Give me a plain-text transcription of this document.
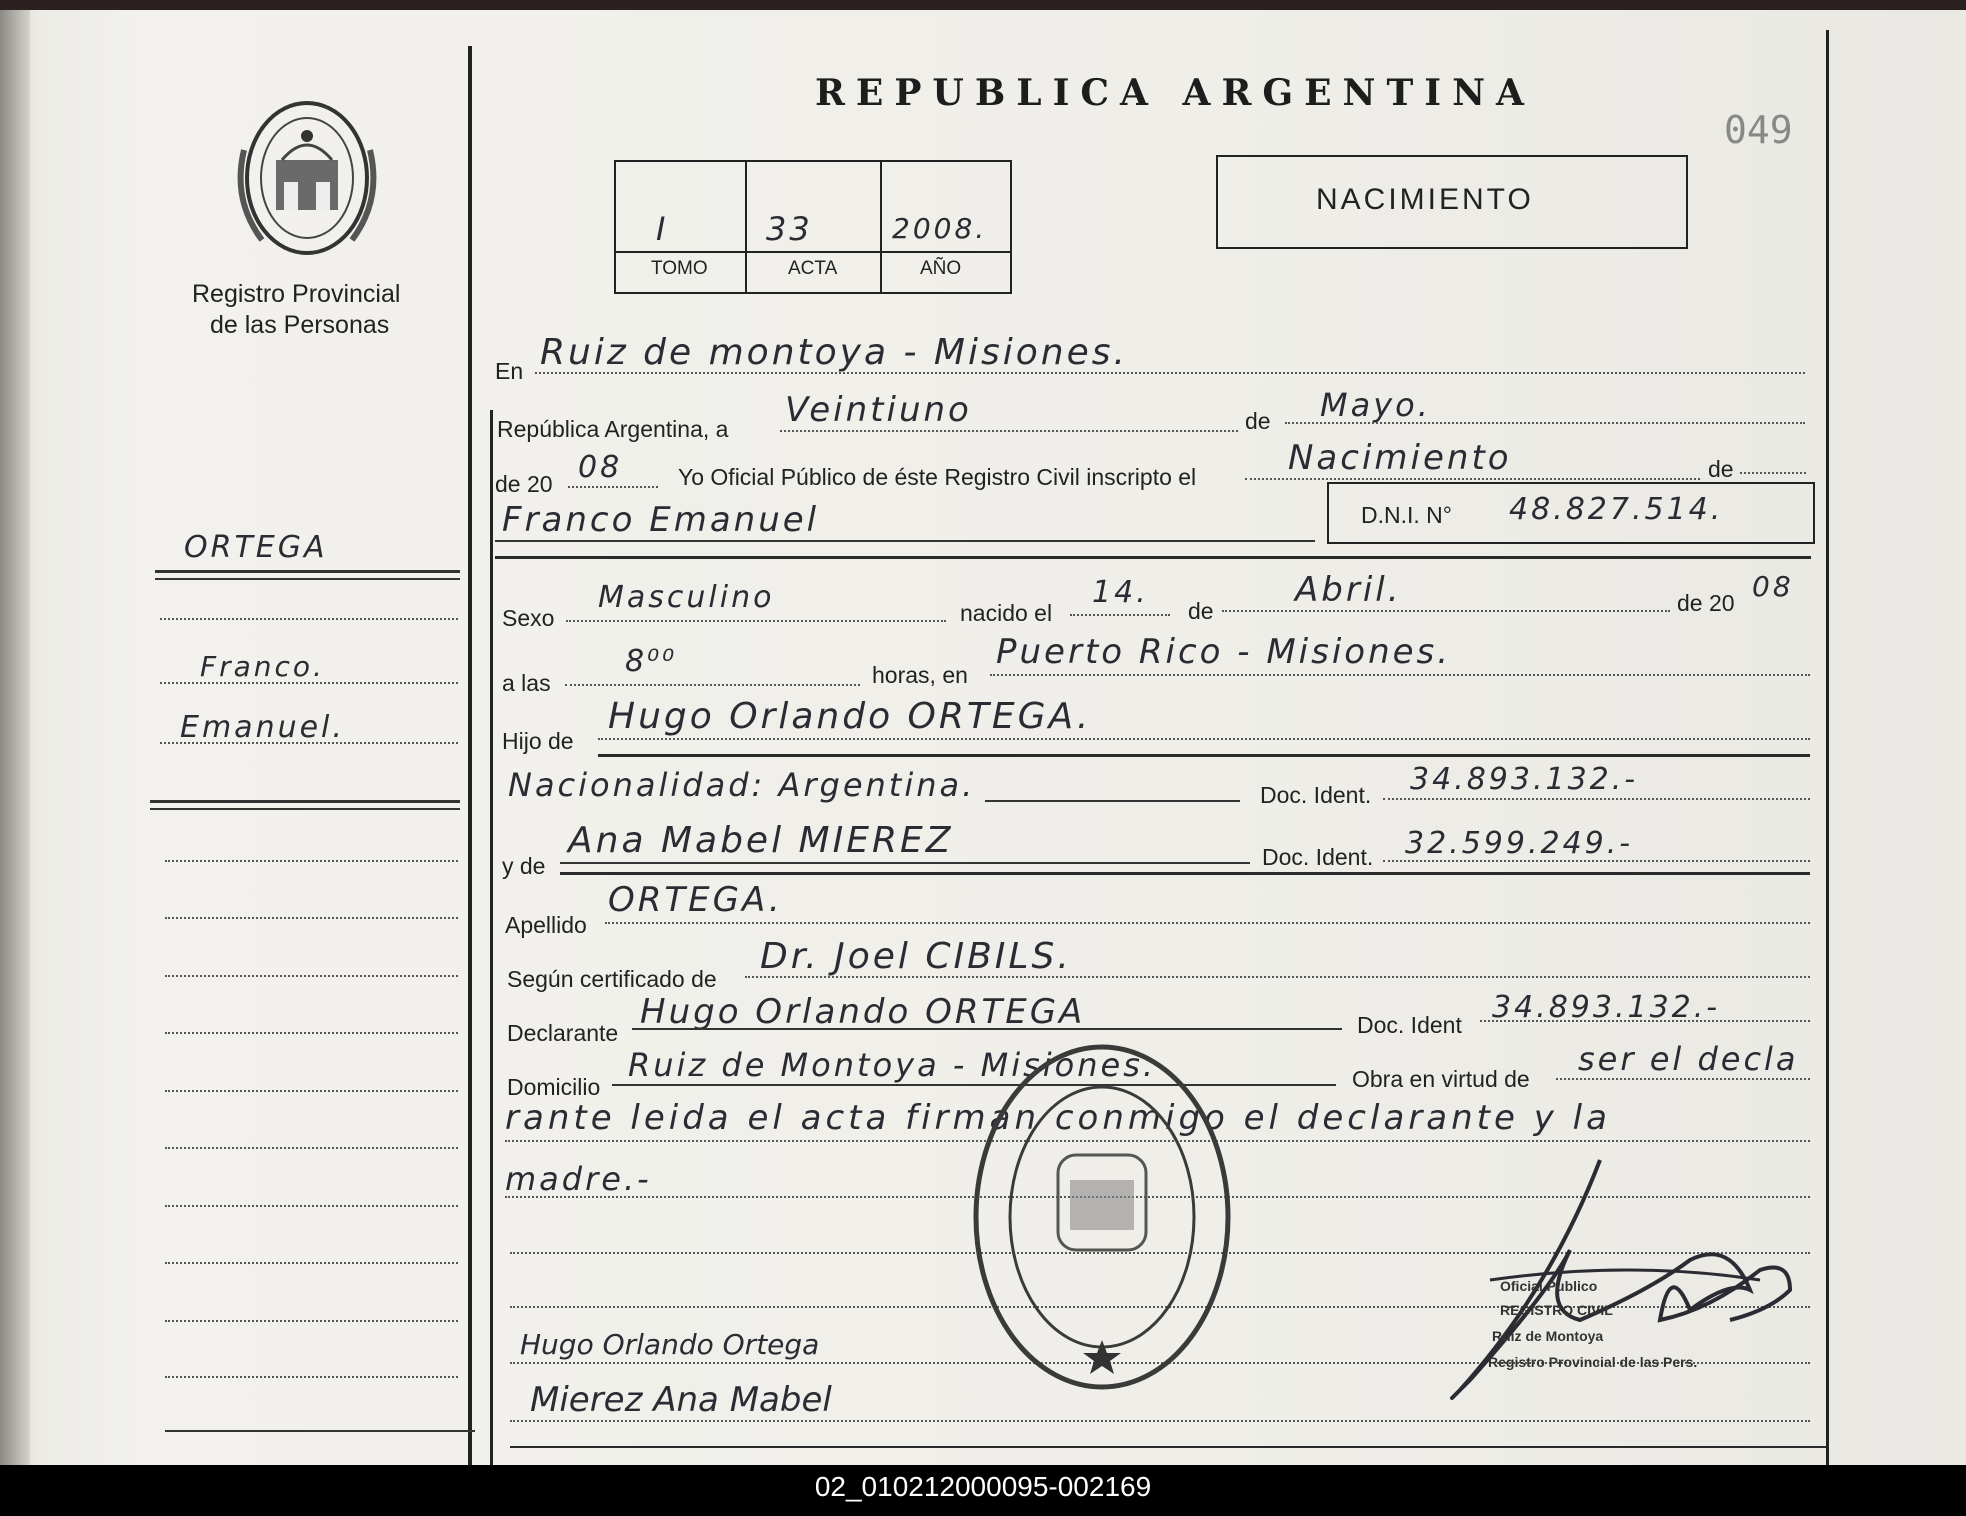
Registro Provincial
de las Personas
REPUBLICA ARGENTINA
049
I	33	2008.
TOMO	ACTA	AÑO
NACIMIENTO
ORTEGA
Franco.
Emanuel.
En Ruiz de montoya - Misiones.
República Argentina, a Veintiuno	de Mayo.
de 20 08 Yo Oficial Público de éste Registro Civil inscripto el	Nacimiento	de
Franco Emanuel	D.N.I. N° 48.827.514.
Sexo
Masculino	nacido el
14.
de
Abril.	de 20 08
a las
8⁰⁰	horas, en
Puerto Rico - Misiones.
Hijo de
Hugo Orlando ORTEGA.
Nacionalidad: Argentina.	Doc. Ident. 34.893.132.-
y de
Ana Mabel MIEREZ	Doc. Ident. 32.599.249.-
Apellido
ORTEGA.
Según certificado de
Dr. Joel CIBILS.
Declarante
Hugo Orlando ORTEGA	Doc. Ident 34.893.132.-
Domicilio
Ruiz de Montoya - Misiones.	Obra en virtud de
ser el decla
rante leida el acta firman conmigo el declarante y la
madre.-
Hugo Orlando Ortega
Mierez Ana Mabel
Oficial Publico
REGISTRO CIVIL
Ruiz de Montoya
Registro Provincial de las Pers.
02_010212000095-002169
